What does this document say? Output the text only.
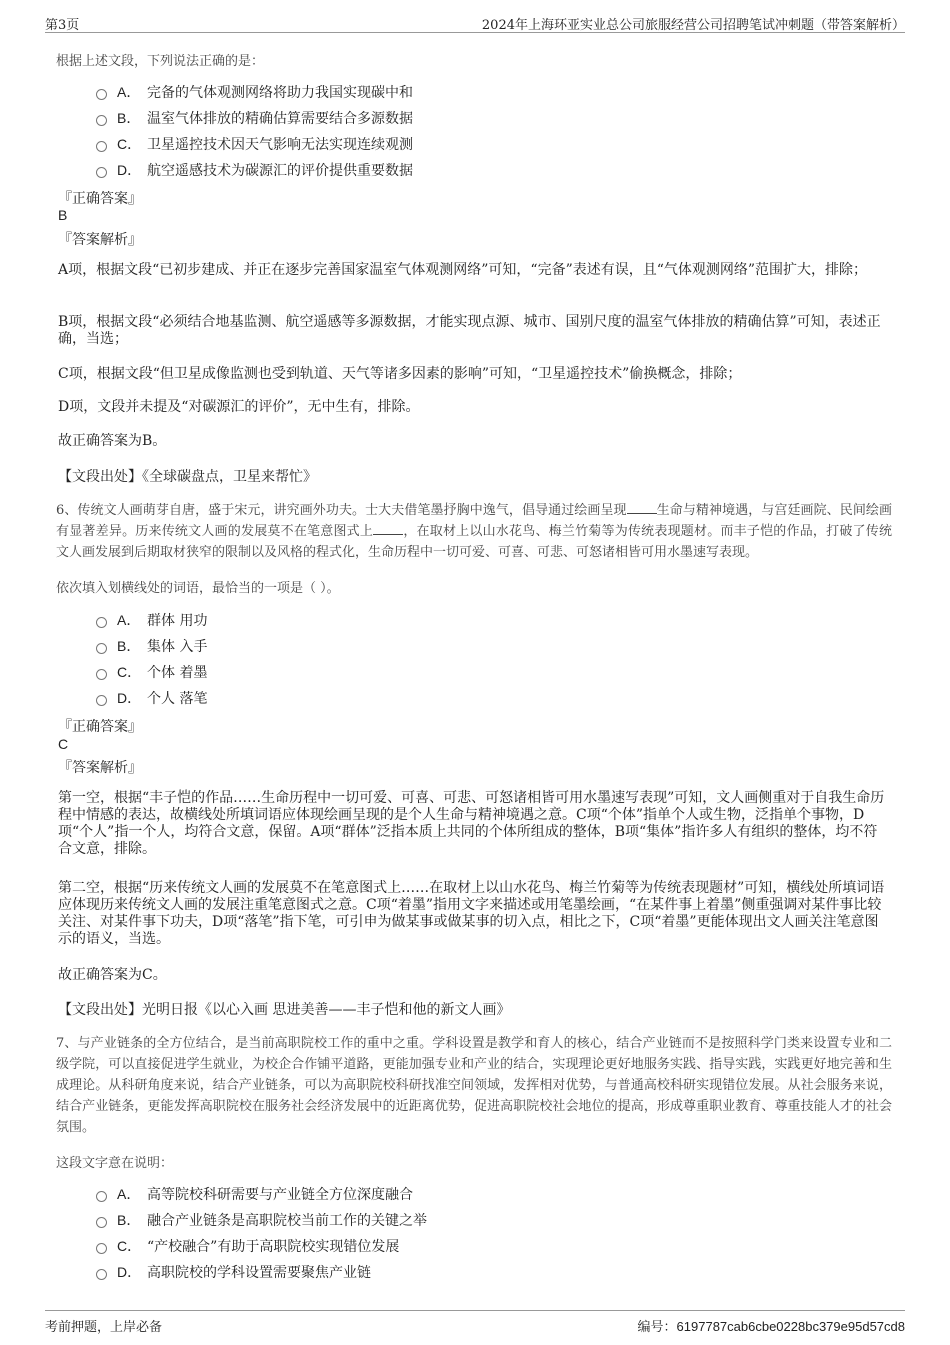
第3页	2024年上海环亚实业总公司旅服经营公司招聘笔试冲刺题（带答案解析）
根据上述文段，下列说法正确的是：
A． 完备的气体观测网络将助力我国实现碳中和
B． 温室气体排放的精确估算需要结合多源数据
C． 卫星遥控技术因天气影响无法实现连续观测
D． 航空遥感技术为碳源汇的评价提供重要数据
『正确答案』
B
『答案解析』
A项，根据文段“已初步建成、并正在逐步完善国家温室气体观测网络”可知，“完备”表述有误，且“气体观测网络”范围扩大，排除；
B项，根据文段“必须结合地基监测、航空遥感等多源数据，才能实现点源、城市、国别尺度的温室气体排放的精确估算”可知，表述正确，当选；
C项，根据文段“但卫星成像监测也受到轨道、天气等诸多因素的影响”可知，“卫星遥控技术”偷换概念，排除；
D项，文段并未提及“对碳源汇的评价”，无中生有，排除。
故正确答案为B。
【文段出处】《全球碳盘点，卫星来帮忙》
6、传统文人画萌芽自唐，盛于宋元，讲究画外功夫。士大夫借笔墨抒胸中逸气，倡导通过绘画呈现 生命与精神境遇，与宫廷画院、民间绘画有显著差异。历来传统文人画的发展莫不在笔意图式上 ，在取材上以山水花鸟、梅兰竹菊等为传统表现题材。而丰子恺的作品，打破了传统文人画发展到后期取材狭窄的限制以及风格的程式化，生命历程中一切可爱、可喜、可悲、可怒诸相皆可用水墨速写表现。
依次填入划横线处的词语，最恰当的一项是（ ）。
A． 群体 用功
B． 集体 入手
C． 个体 着墨
D． 个人 落笔
『正确答案』
C
『答案解析』
第一空，根据“丰子恺的作品……生命历程中一切可爱、可喜、可悲、可怒诸相皆可用水墨速写表现”可知，文人画侧重对于自我生命历程中情感的表达，故横线处所填词语应体现绘画呈现的是个人生命与精神境遇之意。C项“个体”指单个人或生物，泛指单个事物，D项“个人”指一个人，均符合文意，保留。A项“群体”泛指本质上共同的个体所组成的整体，B项“集体”指许多人有组织的整体，均不符合文意，排除。
第二空，根据“历来传统文人画的发展莫不在笔意图式上……在取材上以山水花鸟、梅兰竹菊等为传统表现题材”可知，横线处所填词语应体现历来传统文人画的发展注重笔意图式之意。C项“着墨”指用文字来描述或用笔墨绘画，“在某件事上着墨”侧重强调对某件事比较关注、对某件事下功夫，D项“落笔”指下笔，可引申为做某事或做某事的切入点，相比之下，C项“着墨”更能体现出文人画关注笔意图示的语义，当选。
故正确答案为C。
【文段出处】光明日报《以心入画 思进美善——丰子恺和他的新文人画》
7、与产业链条的全方位结合，是当前高职院校工作的重中之重。学科设置是教学和育人的核心，结合产业链而不是按照科学门类来设置专业和二级学院，可以直接促进学生就业，为校企合作铺平道路，更能加强专业和产业的结合，实现理论更好地服务实践、指导实践，实践更好地完善和生成理论。从科研角度来说，结合产业链条，可以为高职院校科研找准空间领域，发挥相对优势，与普通高校科研实现错位发展。从社会服务来说，结合产业链条，更能发挥高职院校在服务社会经济发展中的近距离优势，促进高职院校社会地位的提高，形成尊重职业教育、尊重技能人才的社会氛围。
这段文字意在说明：
A． 高等院校科研需要与产业链全方位深度融合
B． 融合产业链条是高职院校当前工作的关键之举
C． “产校融合”有助于高职院校实现错位发展
D． 高职院校的学科设置需要聚焦产业链
考前押题，上岸必备	编号：6197787cab6cbe0228bc379e95d57cd8
